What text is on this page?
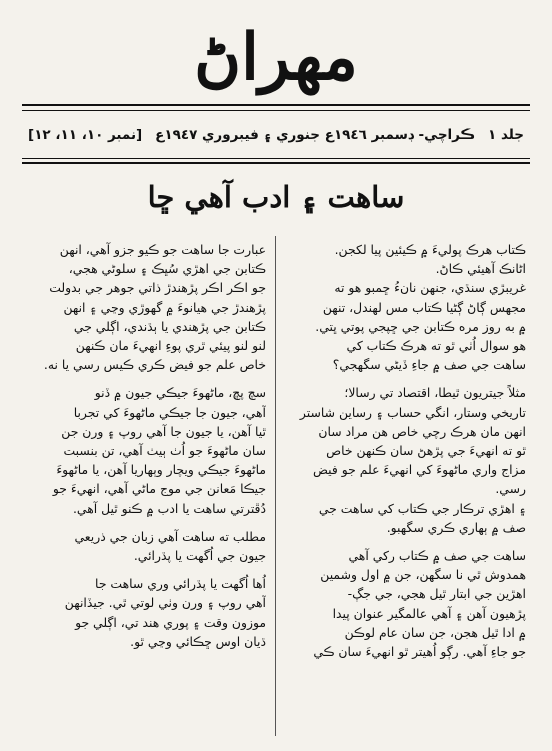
مهراڻ
جلد ١
ڪراچي- ڊسمبر ١٩٤٦ع جنوري ۽ فيبروري ١٩٤٧ع
[نمبر ١٠، ١١، ١٢]
ساهت ۽ ادب آهي ڇا

ڪتاب هرڪ پوليءَ ۾ ڪيئين پيا لکجن.

اڻانڪ آهيئي ڪاڻ.

غريبڙي سنڌي، جنهن نانءُ ڇمبو هو ته

مجهس ڳاڻ ڳڻيا ڪتاب مس لهندل، تنهن

۾ به روز مره ڪتابن جي ڇپجي پوتي ڀتي.

هو سوال اُٺي ٿو ته هرڪ ڪتاب کي

ساهت جي صف ۾ جاءِ ڏيڻي سگهجي؟

مثلاً جيتريون ٿيطا، اقتصاد تي رسالا؛

تاريخي وستار، انگي حساب ۽ رساين شاستر

انهن مان هرڪ رچي خاص هن مراد سان

ٿو ته انهيءَ جي پڙهڻ سان ڪنهن خاص

مزاج واري ماڻهوءَ کي انهيءَ علم جو فيض رسي.

۽ اهڙي ترڪار جي ڪتاب کي ساهت جي

صف ۾ ٻهاري ڪري سگهبو.

ساهت جي صف ۾ ڪتاب رکي آهي

همدوش ٿي نا سگهن، جن ۾ اول وشمين

اهڙين جي ابتار ٿيل هجي، جي جڳ-

پڙهيون آهن ۽ آهي عالمگير عنوان پيدا

۾ ادا ٿيل هجن، جن سان عام لوڪن

جو جاءِ آهي. رڳو اُهيتر ٿو انهيءَ سان ڪي

عبارت جا ساهت جو ڪيو جزو آهي، انهن

ڪتابن جي اهڙي سُڀڪ ۽ سلوڻي هجي،

جو اڪر اڪر پڙهندڙ ذاتي جوهر جي بدولت

پڙهندڙ جي هيانوءَ ۾ گهوڙي وڃي ۽ انهن

ڪتابن جي پڙهندي يا ٻڌندي، اڳلي جي

لنو لنو پيئي ٿري پوءِ انهيءَ مان ڪنهن

خاص علم جو فيض ڪري ڪيس رسي يا نه.

سچ پڇ، ماڻهوءَ جيڪي جيون ۾ ڏنو

آهي، جيون جا جيڪي ماڻهوءَ کي تجربا

ٿيا آهن، يا جيون جا آهي روپ ۽ ورن جن

سان ماڻهوءَ جو اُٺ ٻيٺ آهي، تن بنسبت

ماڻهوءَ جيڪي ويچار وٻهاريا آهن، يا ماڻهوءَ

جيڪا مَعانن جي موج ماڻي آهي، انهيءَ جو

دُڦترتي ساهت يا ادب ۾ ڪنو ٿيل آهي.

مطلب ته ساهت آهي زبان جي ذريعي

جيون جي اُگهت يا پڌرائي.

اُها اُگهت يا پڌرائي وري ساهت جا

آهي روپ ۽ ورن وٺي لوتي ٿي. جيڏانهن

موزون وقت ۽ پوري هند تي، اڳلي جو

ڌيان اوس ڇڪائي وڃي ٿو.
